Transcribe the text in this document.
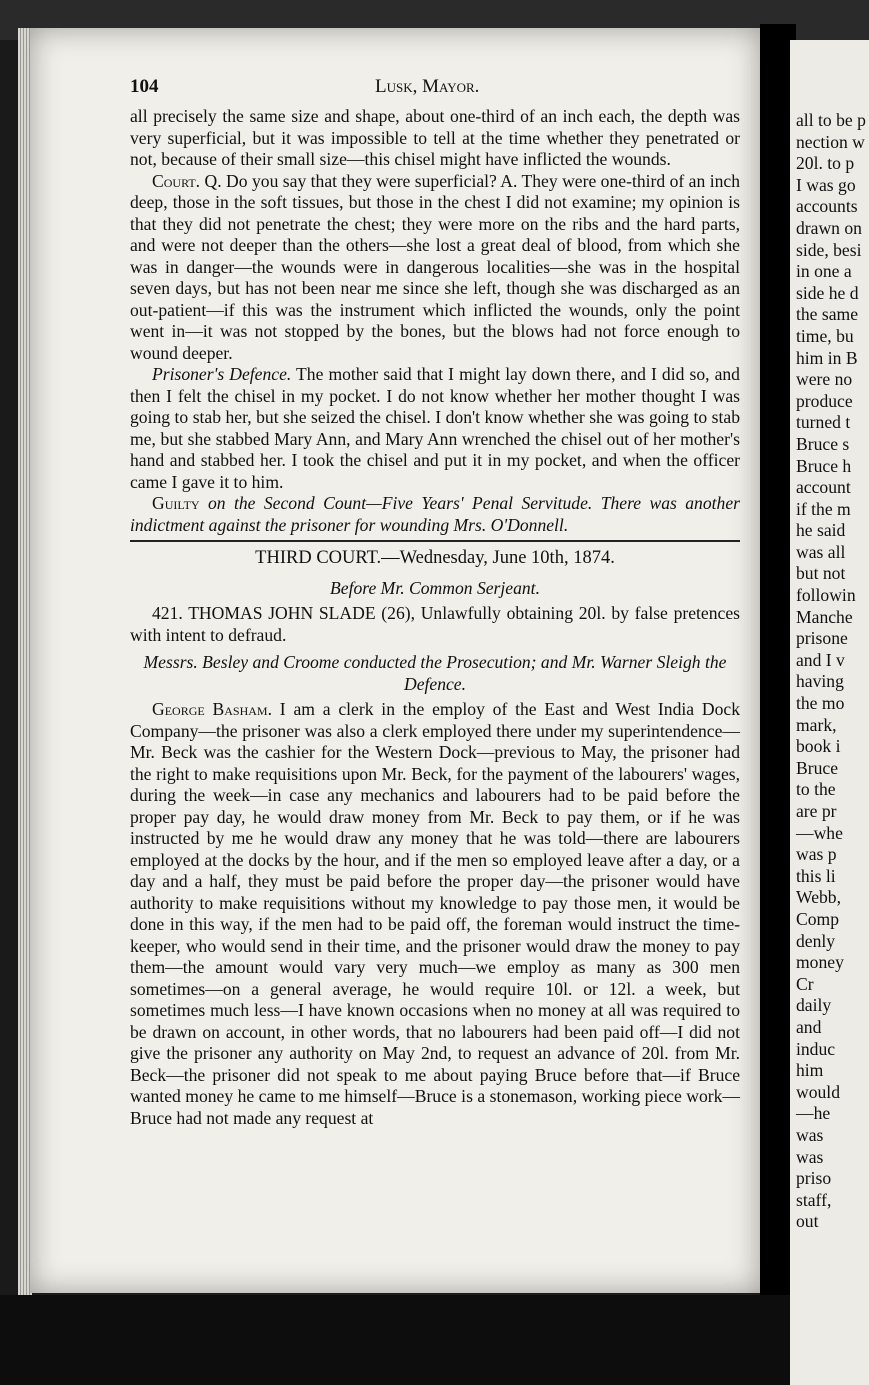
all to be p
nection w
20l. to p
I was go
accounts
drawn on
side, besi
in one a
side he d
the same
time, bu
him in B
were no
produce
turned t
Bruce s
Bruce h
account
if the m
he said
was all
but not
followin
Manche
prisone
and I v
having
the mo
mark,
book i
Bruce
to the
are pr
—whe
was p
this li
Webb,
Comp
denly
money
Cr
daily
and
induc
him
would
—he
was
was
priso
staff,
out
104	Lusk, Mayor.

all precisely the same size and shape, about one-third of an inch each, the depth was very superficial, but it was impossible to tell at the time whether they penetrated or not, because of their small size—this chisel might have inflicted the wounds.

Court. Q. Do you say that they were superficial? A. They were one-third of an inch deep, those in the soft tissues, but those in the chest I did not examine; my opinion is that they did not penetrate the chest; they were more on the ribs and the hard parts, and were not deeper than the others—she lost a great deal of blood, from which she was in danger—the wounds were in dangerous localities—she was in the hospital seven days, but has not been near me since she left, though she was discharged as an out-patient—if this was the instrument which inflicted the wounds, only the point went in—it was not stopped by the bones, but the blows had not force enough to wound deeper.

Prisoner's Defence. The mother said that I might lay down there, and I did so, and then I felt the chisel in my pocket. I do not know whether her mother thought I was going to stab her, but she seized the chisel. I don't know whether she was going to stab me, but she stabbed Mary Ann, and Mary Ann wrenched the chisel out of her mother's hand and stabbed her. I took the chisel and put it in my pocket, and when the officer came I gave it to him.

Guilty on the Second Count—Five Years' Penal Servitude. There was another indictment against the prisoner for wounding Mrs. O'Donnell.

THIRD COURT.—Wednesday, June 10th, 1874.

Before Mr. Common Serjeant.

421. THOMAS JOHN SLADE (26), Unlawfully obtaining 20l. by false pretences with intent to defraud.

Messrs. Besley and Croome conducted the Prosecution; and Mr. Warner Sleigh the Defence.

George Basham. I am a clerk in the employ of the East and West India Dock Company—the prisoner was also a clerk employed there under my superintendence—Mr. Beck was the cashier for the Western Dock—previous to May, the prisoner had the right to make requisitions upon Mr. Beck, for the payment of the labourers' wages, during the week—in case any mechanics and labourers had to be paid before the proper pay day, he would draw money from Mr. Beck to pay them, or if he was instructed by me he would draw any money that he was told—there are labourers employed at the docks by the hour, and if the men so employed leave after a day, or a day and a half, they must be paid before the proper day—the prisoner would have authority to make requisitions without my knowledge to pay those men, it would be done in this way, if the men had to be paid off, the foreman would instruct the time-keeper, who would send in their time, and the prisoner would draw the money to pay them—the amount would vary very much—we employ as many as 300 men sometimes—on a general average, he would require 10l. or 12l. a week, but sometimes much less—I have known occasions when no money at all was required to be drawn on account, in other words, that no labourers had been paid off—I did not give the prisoner any authority on May 2nd, to request an advance of 20l. from Mr. Beck—the prisoner did not speak to me about paying Bruce before that—if Bruce wanted money he came to me himself—Bruce is a stonemason, working piece work—Bruce had not made any request at
